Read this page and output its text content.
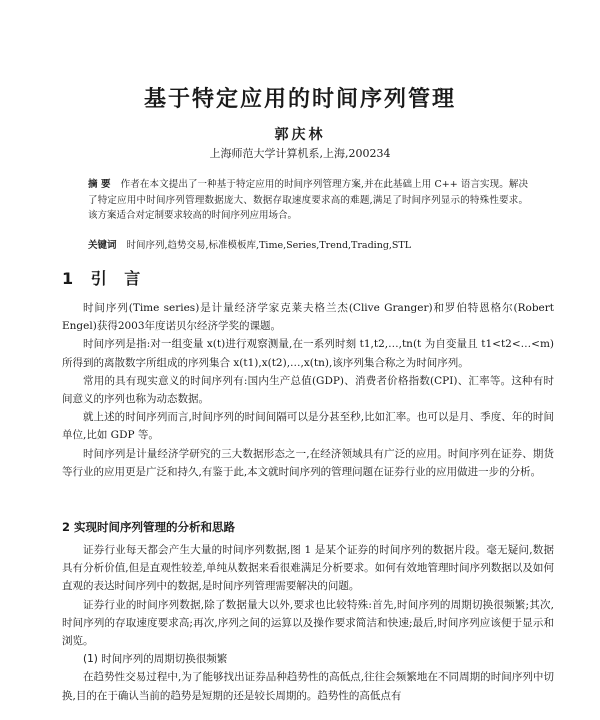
基于特定应用的时间序列管理
郭庆林
上海师范大学计算机系,上海,200234
摘 要 作者在本文提出了一种基于特定应用的时间序列管理方案,并在此基础上用 C++ 语言实现。解决了特定应用中时间序列管理数据庞大、数据存取速度要求高的难题,满足了时间序列显示的特殊性要求。该方案适合对定制要求较高的时间序列应用场合。
关键词 时间序列,趋势交易,标准模板库,Time,Series,Trend,Trading,STL
1 引 言

时间序列(Time series)是计量经济学家克莱夫格兰杰(Clive Granger)和罗伯特恩格尔(Robert Engel)获得2003年度诺贝尔经济学奖的课题。

时间序列是指:对一组变量 x(t)进行观察测量,在一系列时刻 t1,t2,…,tn(t 为自变量且 t1<t2<…<m)所得到的离散数字所组成的序列集合 x(t1),x(t2),…,x(tn),该序列集合称之为时间序列。

常用的具有现实意义的时间序列有:国内生产总值(GDP)、消费者价格指数(CPI)、汇率等。这种有时间意义的序列也称为动态数据。

就上述的时间序列而言,时间序列的时间间隔可以是分甚至秒,比如汇率。也可以是月、季度、年的时间单位,比如 GDP 等。

时间序列是计量经济学研究的三大数据形态之一,在经济领域具有广泛的应用。时间序列在证券、期货等行业的应用更是广泛和持久,有鉴于此,本文就时间序列的管理问题在证券行业的应用做进一步的分析。

2 实现时间序列管理的分析和思路

证券行业每天都会产生大量的时间序列数据,图 1 是某个证券的时间序列的数据片段。毫无疑问,数据具有分析价值,但是直观性较差,单纯从数据来看很难满足分析要求。如何有效地管理时间序列数据以及如何直观的表达时间序列中的数据,是时间序列管理需要解决的问题。

证券行业的时间序列数据,除了数据量大以外,要求也比较特殊:首先,时间序列的周期切换很频繁;其次,时间序列的存取速度要求高;再次,序列之间的运算以及操作要求简洁和快速;最后,时间序列应该便于显示和浏览。

(1) 时间序列的周期切换很频繁

在趋势性交易过程中,为了能够找出证券品种趋势性的高低点,往往会频繁地在不同周期的时间序列中切换,目的在于确认当前的趋势是短期的还是较长周期的。趋势性的高低点有
